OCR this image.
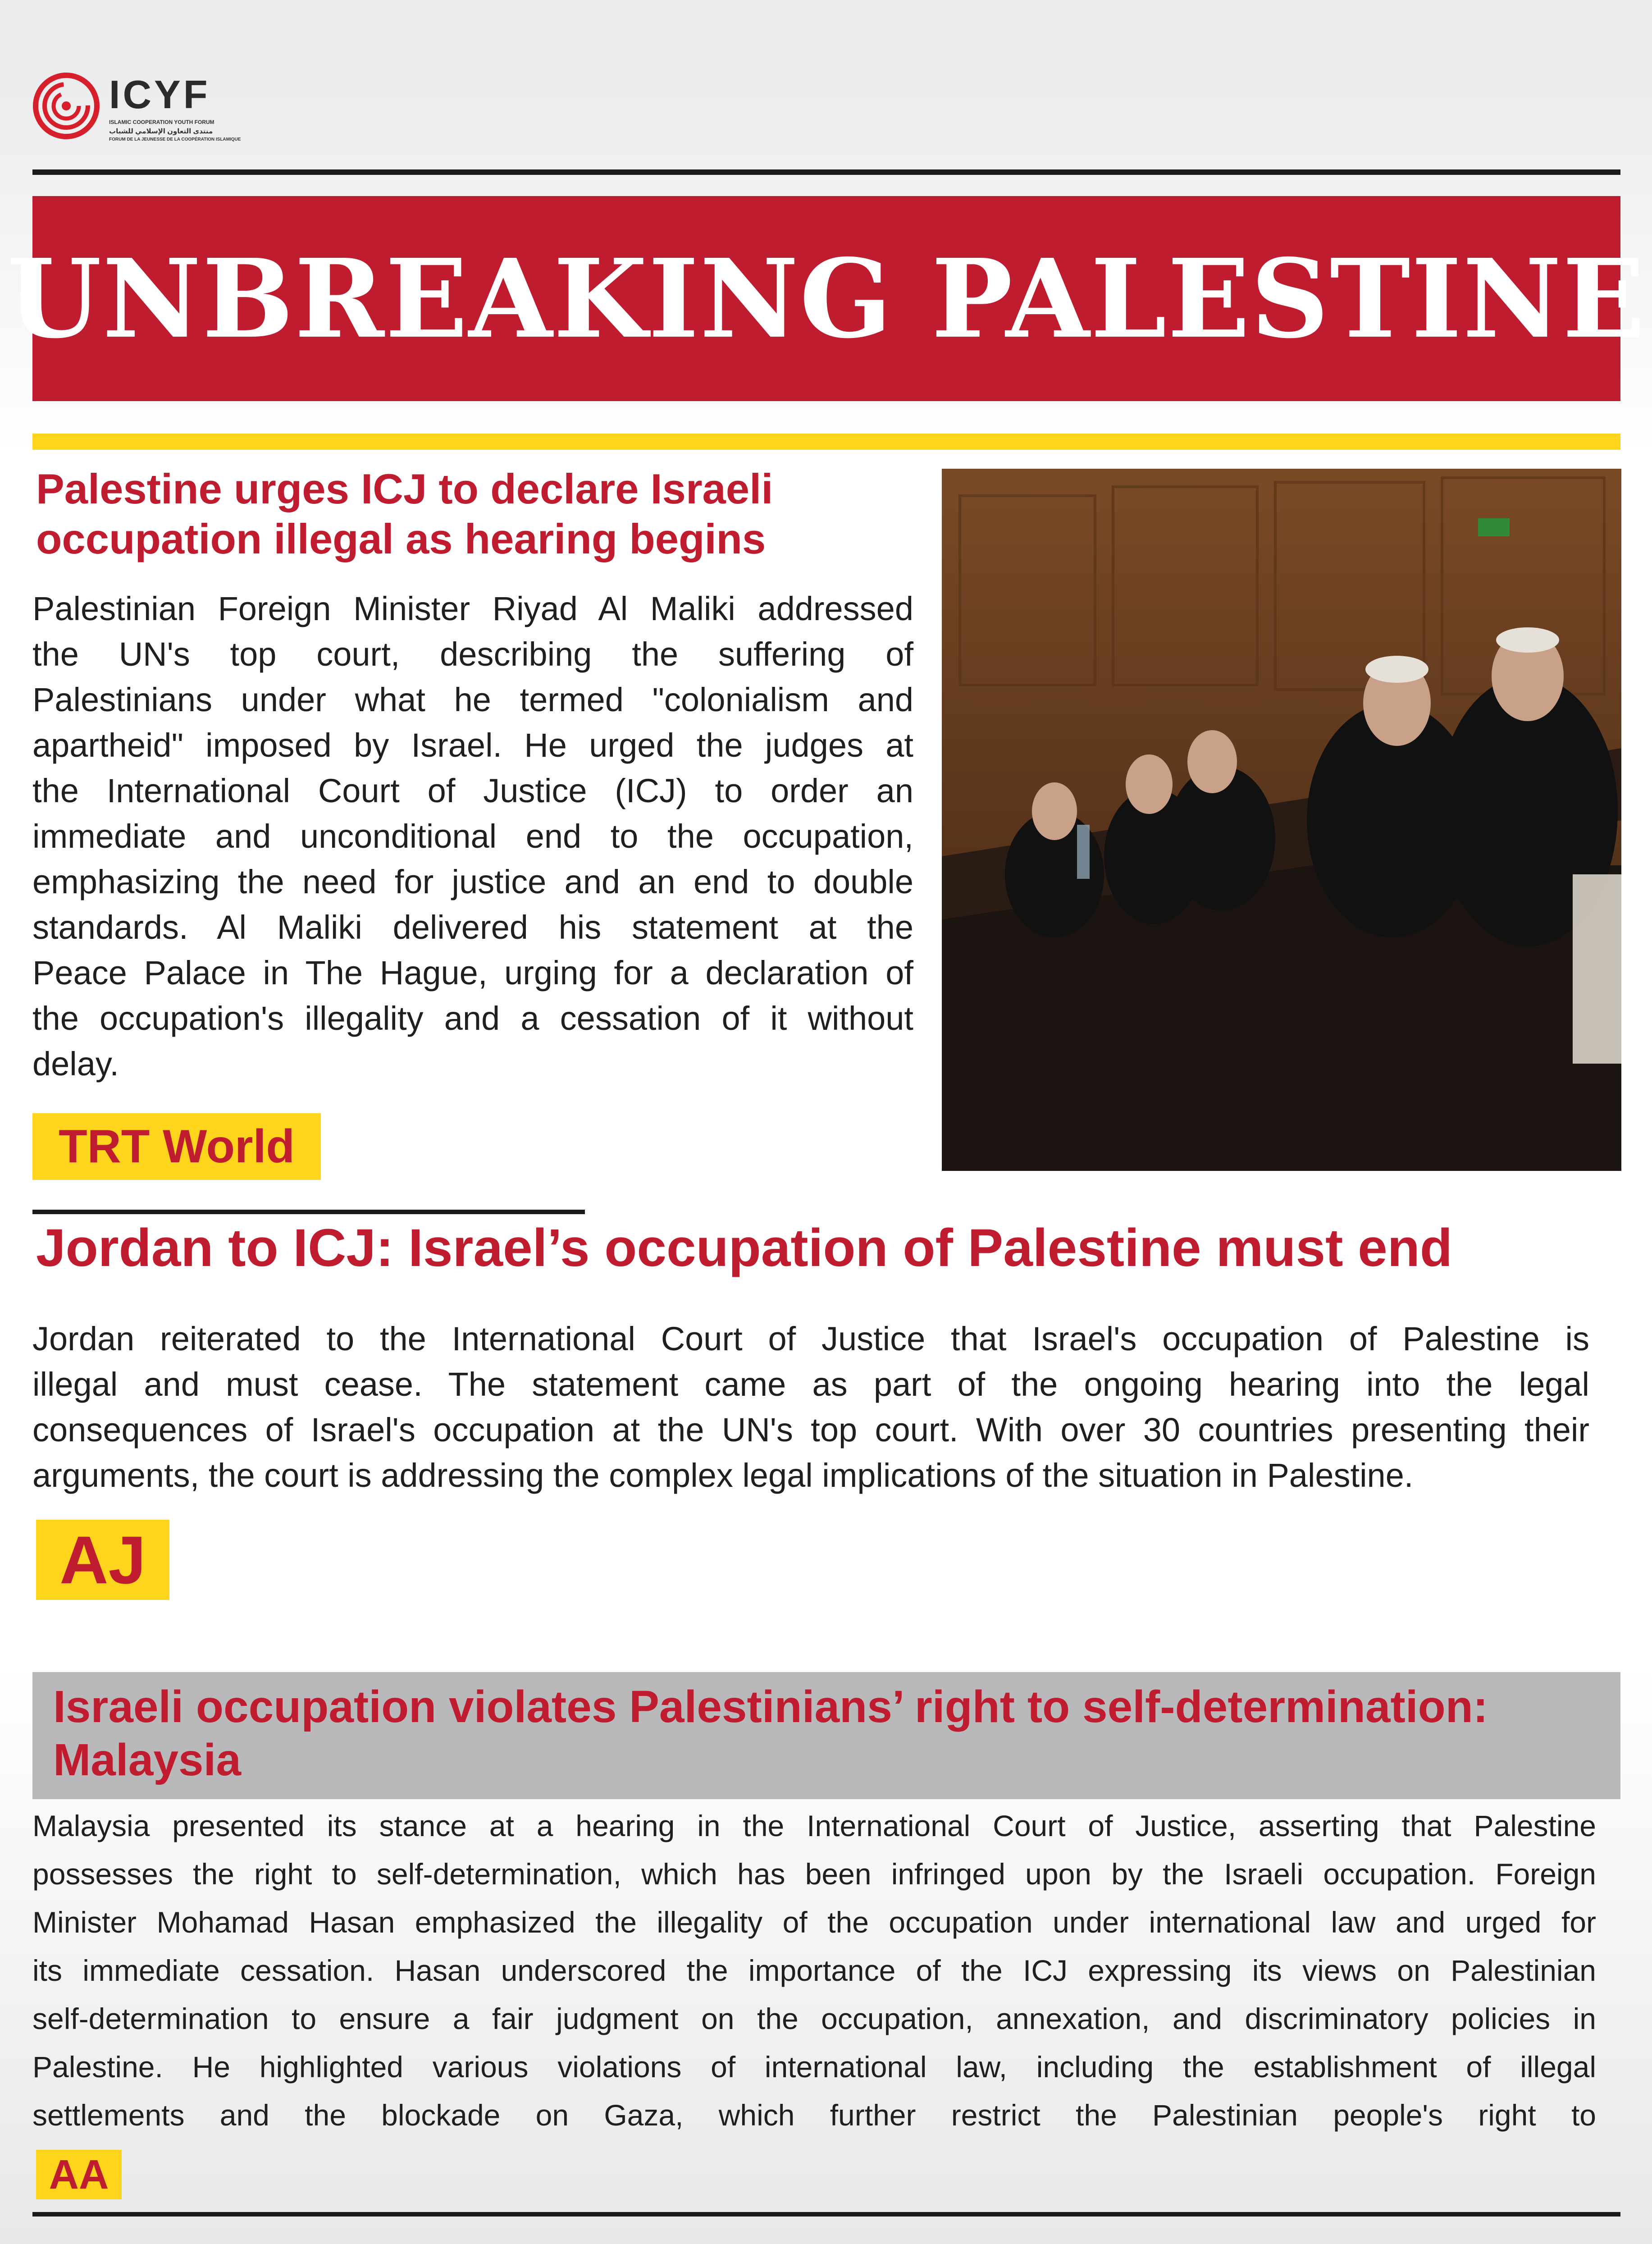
ICYF
ISLAMIC COOPERATION YOUTH FORUM
منتدى التعاون الإسلامي للشباب
FORUM DE LA JEUNESSE DE LA COOPÉRATION ISLAMIQUE
UNBREAKING PALESTINE
Palestine urges ICJ to declare Israeli
occupation illegal as hearing begins
Palestinian Foreign Minister Riyad Al Maliki addressed
the UN's top court, describing the suffering of
Palestinians under what he termed "colonialism and
apartheid" imposed by Israel. He urged the judges at
the International Court of Justice (ICJ) to order an
immediate and unconditional end to the occupation,
emphasizing the need for justice and an end to double
standards. Al Maliki delivered his statement at the
Peace Palace in The Hague, urging for a declaration of
the occupation's illegality and a cessation of it without
delay.
TRT World
Jordan to ICJ: Israel’s occupation of Palestine must end
Jordan reiterated to the International Court of Justice that Israel's occupation of Palestine is
illegal and must cease. The statement came as part of the ongoing hearing into the legal
consequences of Israel's occupation at the UN's top court. With over 30 countries presenting their
arguments, the court is addressing the complex legal implications of the situation in Palestine.
AJ
Israeli occupation violates Palestinians’ right to self-determination:
Malaysia
Malaysia presented its stance at a hearing in the International Court of Justice, asserting that Palestine
possesses the right to self-determination, which has been infringed upon by the Israeli occupation. Foreign
Minister Mohamad Hasan emphasized the illegality of the occupation under international law and urged for
its immediate cessation. Hasan underscored the importance of the ICJ expressing its views on Palestinian
self-determination to ensure a fair judgment on the occupation, annexation, and discriminatory policies in
Palestine. He highlighted various violations of international law, including the establishment of illegal
settlements and the blockade on Gaza, which further restrict the Palestinian people's right to
AA
